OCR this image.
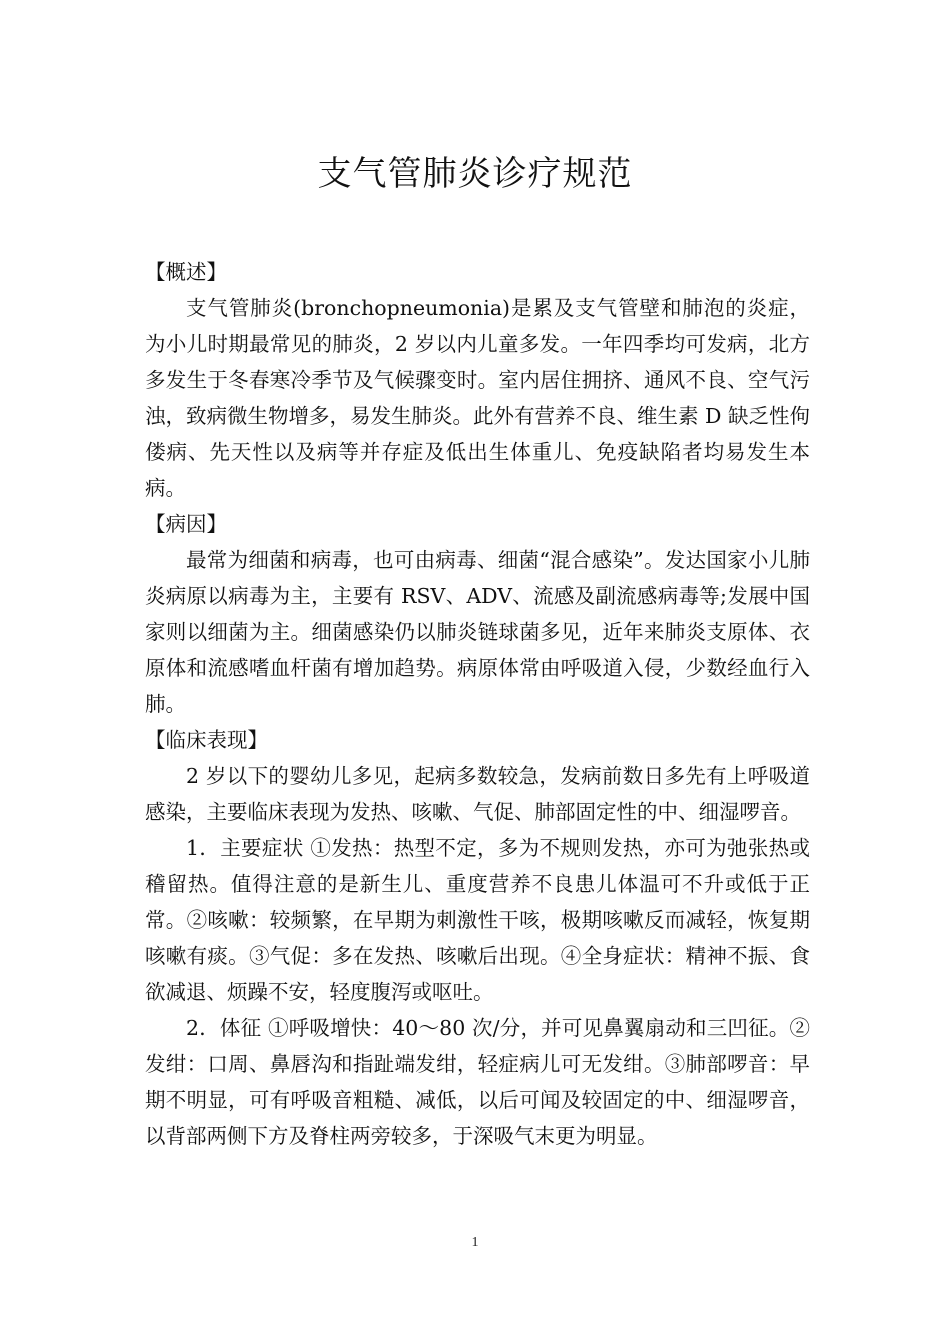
支气管肺炎诊疗规范

【概述】

支气管肺炎(bronchopneumonia)是累及支气管壁和肺泡的炎症，为小儿时期最常见的肺炎，2 岁以内儿童多发。一年四季均可发病，北方多发生于冬春寒冷季节及气候骤变时。室内居住拥挤、通风不良、空气污浊，致病微生物增多，易发生肺炎。此外有营养不良、维生素 D 缺乏性佝偻病、先天性以及病等并存症及低出生体重儿、免疫缺陷者均易发生本病。

【病因】

最常为细菌和病毒，也可由病毒、细菌“混合感染”。发达国家小儿肺炎病原以病毒为主，主要有 RSV、ADV、流感及副流感病毒等;发展中国家则以细菌为主。细菌感染仍以肺炎链球菌多见，近年来肺炎支原体、衣原体和流感嗜血杆菌有增加趋势。病原体常由呼吸道入侵，少数经血行入肺。

【临床表现】

2 岁以下的婴幼儿多见，起病多数较急，发病前数日多先有上呼吸道感染，主要临床表现为发热、咳嗽、气促、肺部固定性的中、细湿啰音。

1．主要症状 ①发热：热型不定，多为不规则发热，亦可为弛张热或稽留热。值得注意的是新生儿、重度营养不良患儿体温可不升或低于正常。②咳嗽：较频繁，在早期为刺激性干咳，极期咳嗽反而减轻，恢复期咳嗽有痰。③气促：多在发热、咳嗽后出现。④全身症状：精神不振、食欲减退、烦躁不安，轻度腹泻或呕吐。

2．体征 ①呼吸增快：40～80 次/分，并可见鼻翼扇动和三凹征。②发绀：口周、鼻唇沟和指趾端发绀，轻症病儿可无发绀。③肺部啰音：早期不明显，可有呼吸音粗糙、减低，以后可闻及较固定的中、细湿啰音，以背部两侧下方及脊柱两旁较多，于深吸气末更为明显。

1
